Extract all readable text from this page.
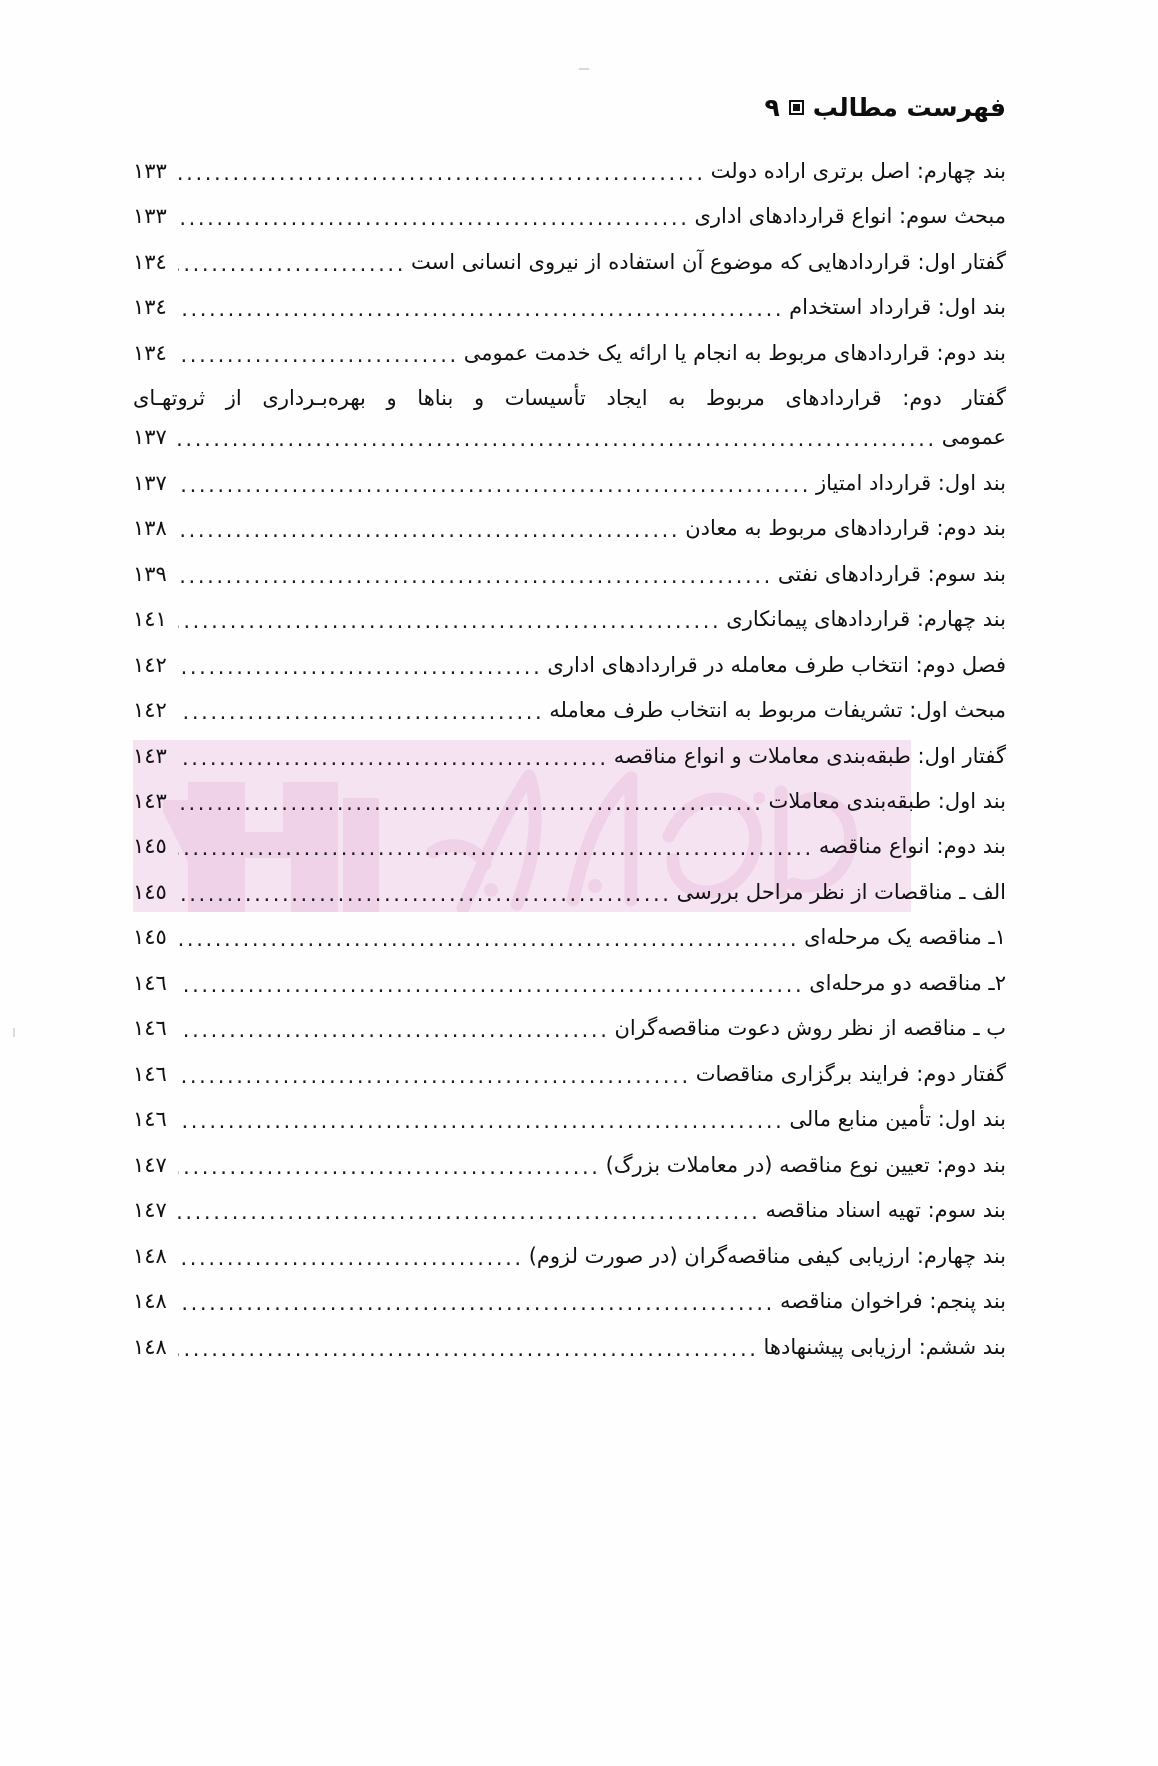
فهرست مطالب
۹
بند چهارم: اصل برتری اراده دولت
.....
۱۳۳
مبحث سوم: انواع قراردادهای اداری
.....
۱۳۳
گفتار اول: قراردادهایی که موضوع آن استفاده از نیروی انسانی است
.....
۱۳٤
بند اول: قرارداد استخدام
.....
۱۳٤
بند دوم: قراردادهای مربوط به انجام یا ارائه یک خدمت عمومی
.....
۱۳٤
گفتار دوم: قراردادهای مربوط به ایجاد تأسیسات و بناها و بهره‌بـرداری از ثروتهـای
عمومی
.....
۱۳۷
بند اول: قرارداد امتیاز
.....
۱۳۷
بند دوم: قراردادهای مربوط به معادن
.....
۱۳۸
بند سوم: قراردادهای نفتی
.....
۱۳۹
بند چهارم: قراردادهای پیمانکاری
.....
۱٤۱
فصل دوم: انتخاب طرف معامله در قراردادهای اداری
.....
۱٤۲
مبحث اول: تشریفات مربوط به انتخاب طرف معامله
.....
۱٤۲
گفتار اول: طبقه‌بندی معاملات و انواع مناقصه
.....
۱٤۳
بند اول: طبقه‌بندی معاملات
.....
۱٤۳
بند دوم: انواع مناقصه
.....
۱٤٥
الف ـ مناقصات از نظر مراحل بررسی
.....
۱٤٥
۱ـ مناقصه یک مرحله‌ای
.....
۱٤٥
۲ـ مناقصه دو مرحله‌ای
.....
۱٤٦
ب ـ مناقصه از نظر روش دعوت مناقصه‌گران
.....
۱٤٦
گفتار دوم: فرایند برگزاری مناقصات
.....
۱٤٦
بند اول: تأمین منابع مالی
.....
۱٤٦
بند دوم: تعیین نوع مناقصه (در معاملات بزرگ)
.....
۱٤۷
بند سوم: تهیه اسناد مناقصه
.....
۱٤۷
بند چهارم: ارزیابی کیفی مناقصه‌گران (در صورت لزوم)
.....
۱٤۸
بند پنجم: فراخوان مناقصه
.....
۱٤۸
بند ششم: ارزیابی پیشنهادها
.....
۱٤۸
